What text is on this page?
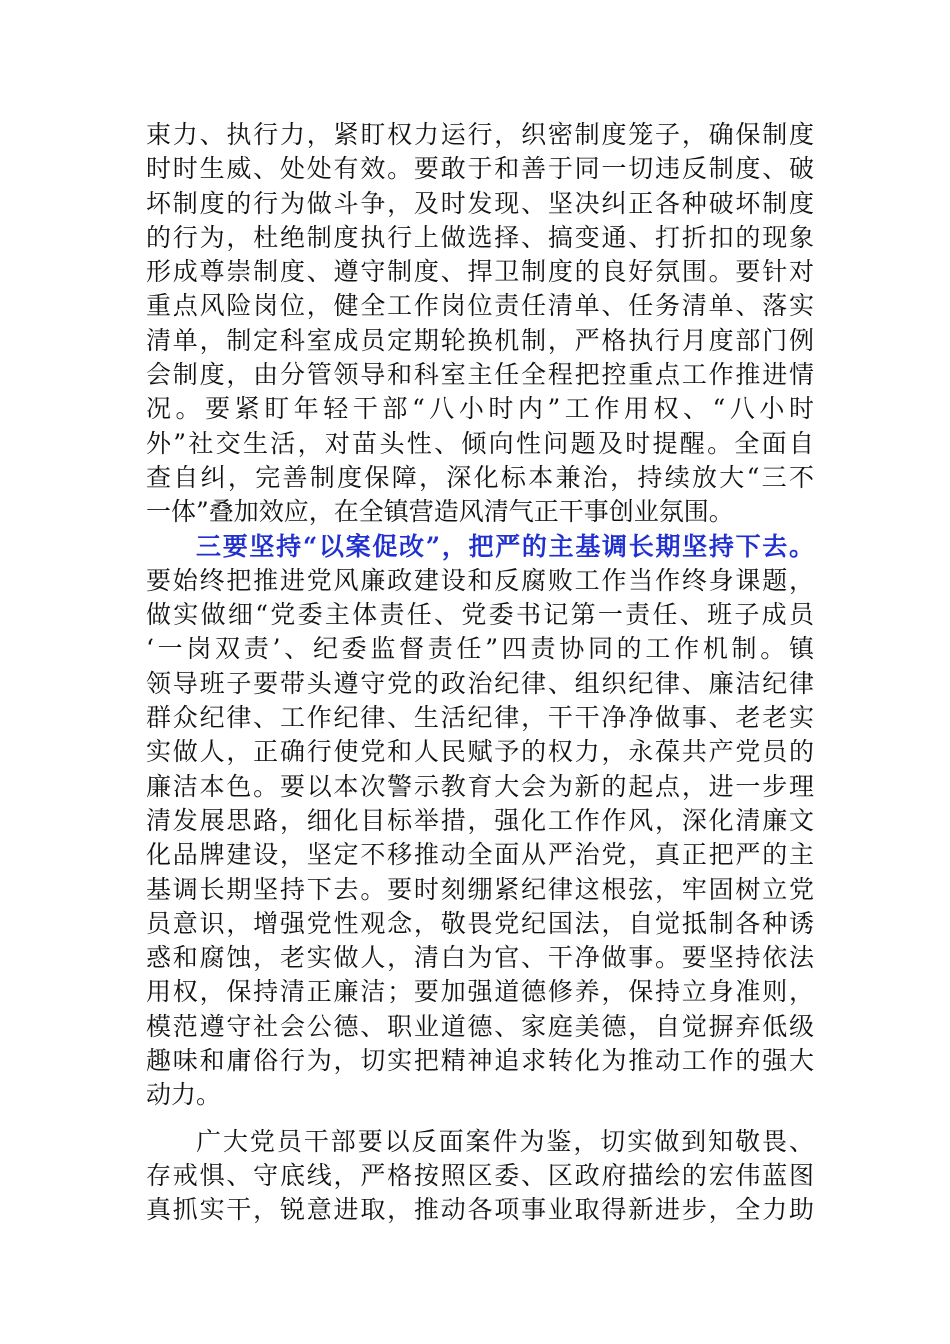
束力、执行力，紧盯权力运行，织密制度笼子，确保制度
时时生威、处处有效。要敢于和善于同一切违反制度、破
坏制度的行为做斗争，及时发现、坚决纠正各种破坏制度
的行为，杜绝制度执行上做选择、搞变通、打折扣的现象
形成尊崇制度、遵守制度、捍卫制度的良好氛围。要针对
重点风险岗位，健全工作岗位责任清单、任务清单、落实
清单，制定科室成员定期轮换机制，严格执行月度部门例
会制度，由分管领导和科室主任全程把控重点工作推进情
况。要紧盯年轻干部“八小时内”工作用权、“八小时
外”社交生活，对苗头性、倾向性问题及时提醒。全面自
查自纠，完善制度保障，深化标本兼治，持续放大“三不
一体”叠加效应，在全镇营造风清气正干事创业氛围。
三要坚持“以案促改”，把严的主基调长期坚持下去。
要始终把推进党风廉政建设和反腐败工作当作终身课题，
做实做细“党委主体责任、党委书记第一责任、班子成员
‘一岗双责’、纪委监督责任”四责协同的工作机制。镇
领导班子要带头遵守党的政治纪律、组织纪律、廉洁纪律
群众纪律、工作纪律、生活纪律，干干净净做事、老老实
实做人，正确行使党和人民赋予的权力，永葆共产党员的
廉洁本色。要以本次警示教育大会为新的起点，进一步理
清发展思路，细化目标举措，强化工作作风，深化清廉文
化品牌建设，坚定不移推动全面从严治党，真正把严的主
基调长期坚持下去。要时刻绷紧纪律这根弦，牢固树立党
员意识，增强党性观念，敬畏党纪国法，自觉抵制各种诱
惑和腐蚀，老实做人，清白为官、干净做事。要坚持依法
用权，保持清正廉洁；要加强道德修养，保持立身准则，
模范遵守社会公德、职业道德、家庭美德，自觉摒弃低级
趣味和庸俗行为，切实把精神追求转化为推动工作的强大
动力。
广大党员干部要以反面案件为鉴，切实做到知敬畏、
存戒惧、守底线，严格按照区委、区政府描绘的宏伟蓝图
真抓实干，锐意进取，推动各项事业取得新进步，全力助
